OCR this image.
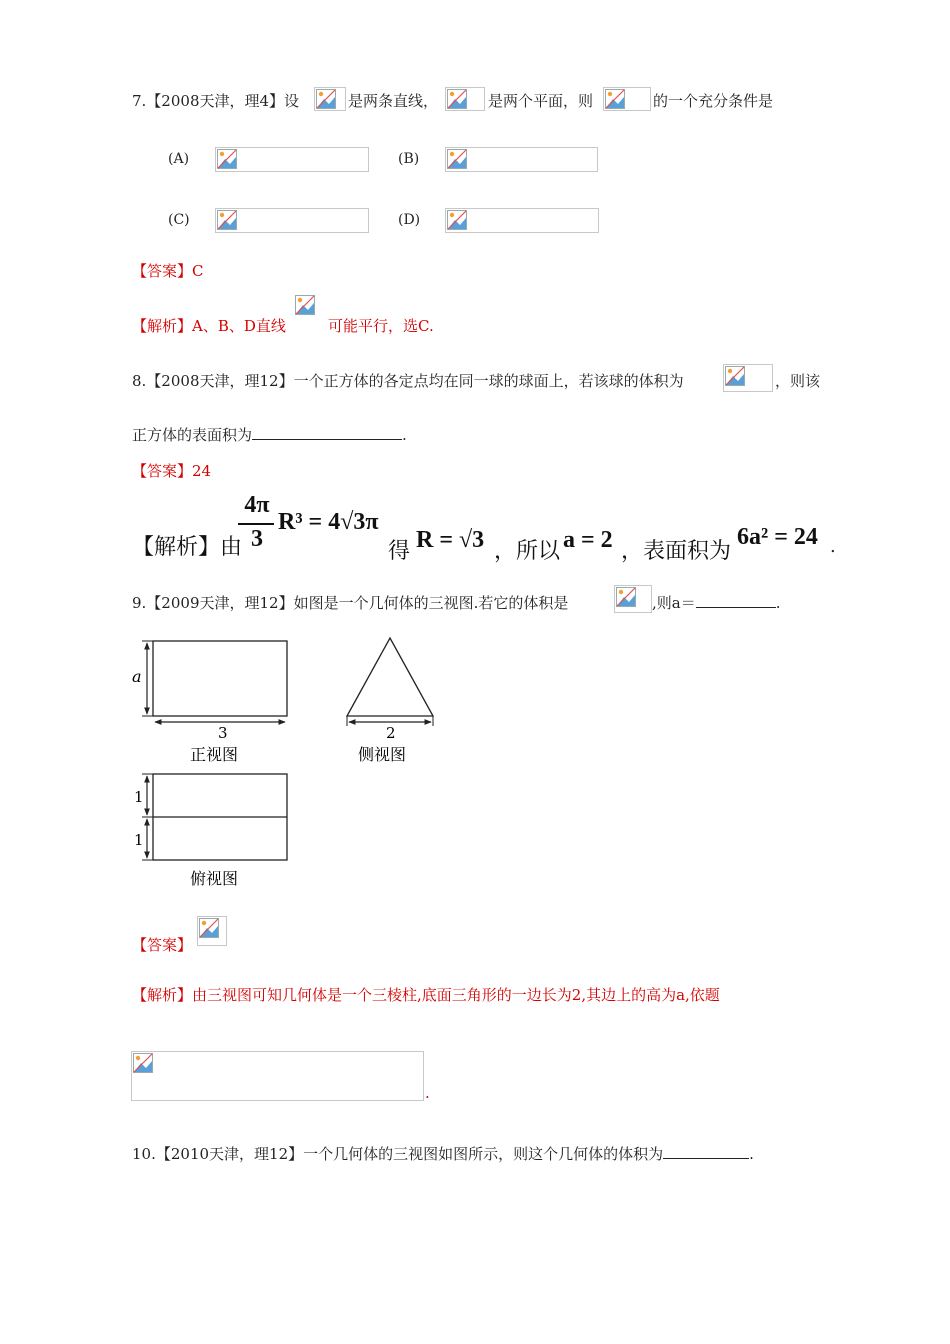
7.【2008天津，理4】设	是两条直线，	是两个平面，则	的一个充分条件是
(A)	(B)
(C)	(D)
【答案】C
【解析】A、B、D直线	可能平行，选C.
8.【2008天津，理12】一个正方体的各定点均在同一球的球面上，若该球的体积为	，则该
正方体的表面积为	.
【答案】24
【解析】由
4π
3
R³ = 4√3π
得 R = √3 ，所以 a = 2 ，表面积为
6a² = 24 .
9.【2009天津，理12】如图是一个几何体的三视图.若它的体积是	,则a＝	.
a
3
正视图
2
侧视图
1
1
俯视图
【答案】
【解析】由三视图可知几何体是一个三棱柱,底面三角形的一边长为2,其边上的高为a,依题
.
10.【2010天津，理12】一个几何体的三视图如图所示，则这个几何体的体积为	.
